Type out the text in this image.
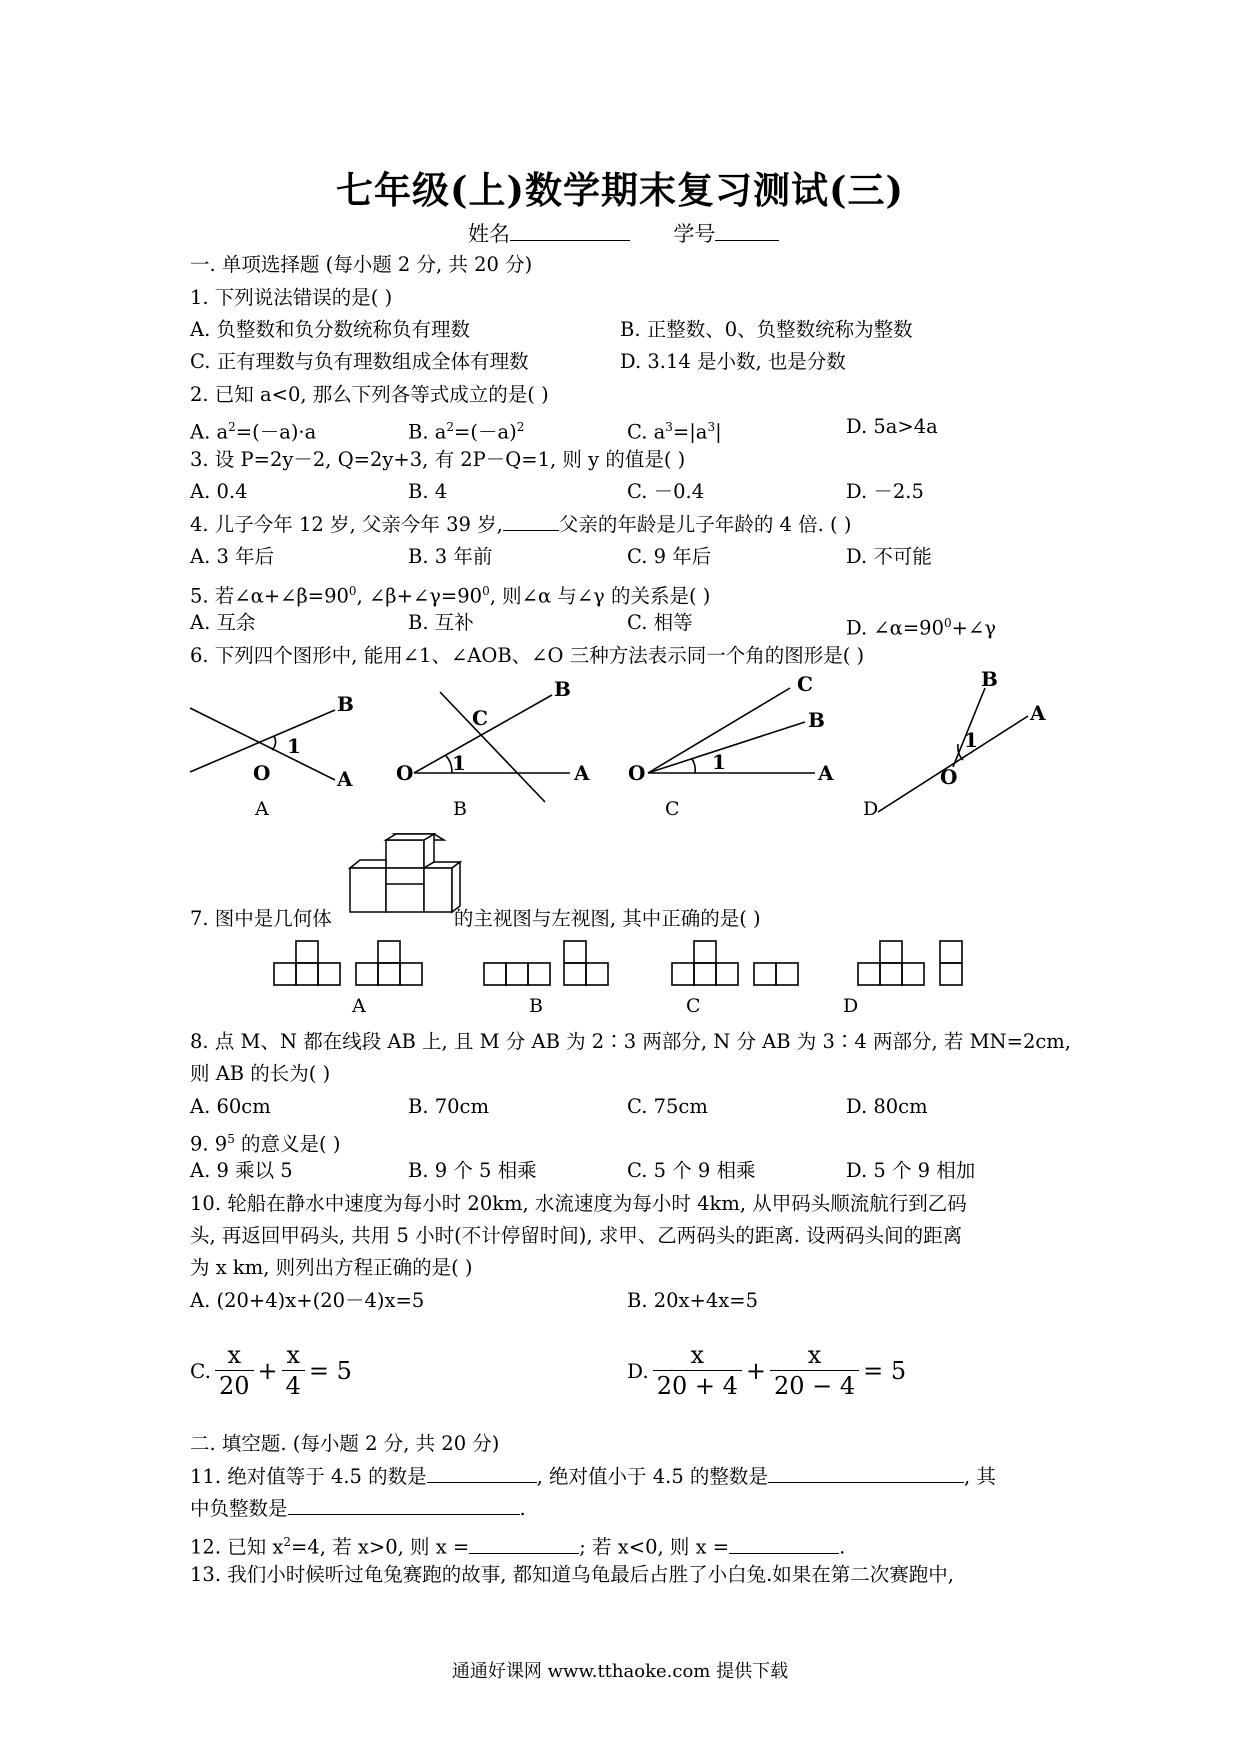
七年级(上)数学期末复习测试(三)
姓名	学号
一. 单项选择题 (每小题 2 分, 共 20 分)
1. 下列说法错误的是( )
A. 负整数和负分数统称负有理数	B. 正整数、0、负整数统称为整数
C. 正有理数与负有理数组成全体有理数	D. 3.14 是小数, 也是分数
2. 已知 a<0, 那么下列各等式成立的是( )
A. $a^2=(-a)\cdot a$	B. $a^2=(-a)^2$	C. $a^3=|a^3|$	D. 5a>4a
3. 设 P=2y－2, Q=2y+3, 有 2P－Q=1, 则 y 的值是( )
A. 0.4	B. 4	C. －0.4	D. －2.5
4. 儿子今年 12 岁, 父亲今年 39 岁,	父亲的年龄是儿子年龄的 4 倍. ( )
A. 3 年后	B. 3 年前	C. 9 年后	D. 不可能
5. 若$\angle\alpha+\angle\beta=90^0$, $\angle\beta+\angle\gamma=90^0$, 则∠α 与∠γ 的关系是( )
A. 互余	B. 互补	C. 相等	D. $\angle\alpha=90^0+\angle\gamma$
6. 下列四个图形中, 能用∠1、∠AOB、∠O 三种方法表示同一个角的图形是( )
B
A
O
1
B
A
O
C
1
C
B
A
O	1
B
A
O
1
A	B	C	D
7. 图中是几何体	的主视图与左视图, 其中正确的是( )
A	B	C	D
8. 点 M、N 都在线段 AB 上, 且 M 分 AB 为 2∶3 两部分, N 分 AB 为 3∶4 两部分, 若 MN=2cm,
则 AB 的长为( )
A. 60cm	B. 70cm	C. 75cm	D. 80cm
9. $9^5$ 的意义是( )
A. 9 乘以 5	B. 9 个 5 相乘	C. 5 个 9 相乘	D. 5 个 9 相加
10. 轮船在静水中速度为每小时 20km, 水流速度为每小时 4km, 从甲码头顺流航行到乙码
头, 再返回甲码头, 共用 5 小时(不计停留时间), 求甲、乙两码头的距离. 设两码头间的距离
为 x km, 则列出方程正确的是( )
A. (20+4)x+(20－4)x=5	B. 20x+4x=5
C. $\frac{x}{20} + \frac{x}{4} = 5$	D. $\frac{x}{20 + 4} + \frac{x}{20 - 4} = 5$
二. 填空题. (每小题 2 分, 共 20 分)
11. 绝对值等于 4.5 的数是	, 绝对值小于 4.5 的整数是	, 其
中负整数是	.
12. 已知 $x^2=4$, 若 x>0, 则 x =	; 若 x<0, 则 x =	.
13. 我们小时候听过龟兔赛跑的故事, 都知道乌龟最后占胜了小白兔.如果在第二次赛跑中,
通通好课网 www.tthaoke.com 提供下载
